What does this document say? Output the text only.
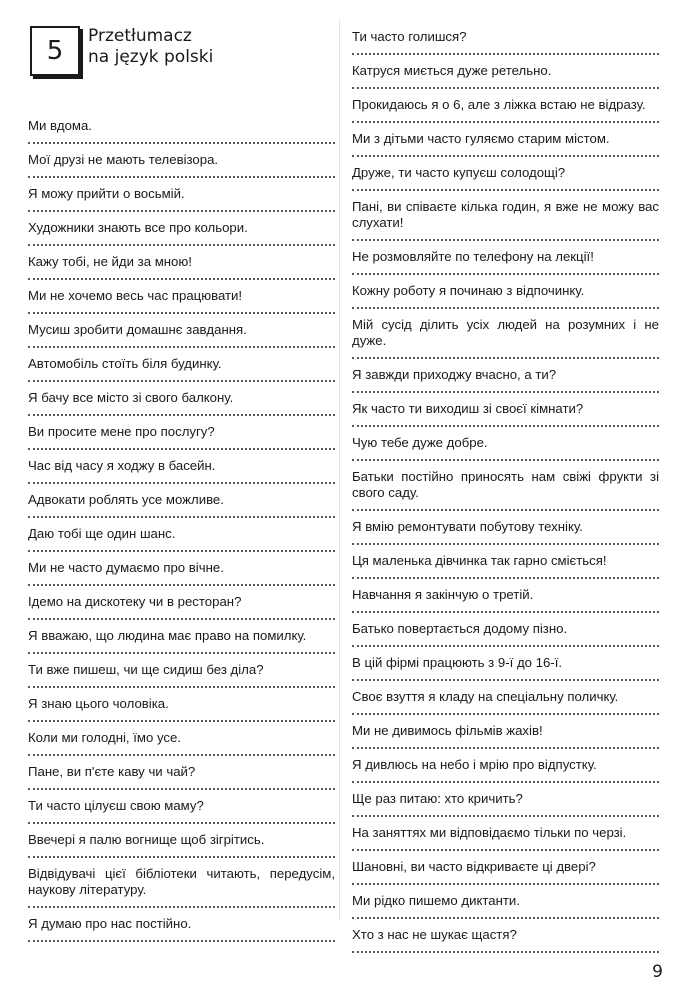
5	Przetłumacz
na język polski
Ми вдома.
Мої друзі не мають телевізора.
Я можу прийти о восьмій.
Художники знають все про кольори.
Кажу тобі, не йди за мною!
Ми не хочемо весь час працювати!
Мусиш зробити домашнє завдання.
Автомобіль стоїть біля будинку.
Я бачу все місто зі свого балкону.
Ви просите мене про послугу?
Час від часу я ходжу в басейн.
Адвокати роблять усе можливе.
Даю тобі ще один шанс.
Ми не часто думаємо про вічне.
Ідемо на дискотеку чи в ресторан?
Я вважаю, що людина має право на помилку.
Ти вже пишеш, чи ще сидиш без діла?
Я знаю цього чоловіка.
Коли ми голодні, їмо усе.
Пане, ви п'єте каву чи чай?
Ти часто цілуєш свою маму?
Ввечері я палю вогнище щоб зігрітись.
Відвідувачі цієї бібліотеки читають, передусім, наукову літературу.
Я думаю про нас постійно.
Ти часто голишся?
Катруся миється дуже ретельно.
Прокидаюсь я о 6, але з ліжка встаю не відразу.
Ми з дітьми часто гуляємо старим містом.
Друже, ти часто купуєш солодощі?
Пані, ви співаєте кілька годин, я вже не можу вас слухати!
Не розмовляйте по телефону на лекції!
Кожну роботу я починаю з відпочинку.
Мій сусід ділить усіх людей на розумних і не дуже.
Я завжди приходжу вчасно, а ти?
Як часто ти виходиш зі своєї кімнати?
Чую тебе дуже добре.
Батьки постійно приносять нам свіжі фрукти зі свого саду.
Я вмію ремонтувати побутову техніку.
Ця маленька дівчинка так гарно сміється!
Навчання я закінчую о третій.
Батько повертається додому пізно.
В цій фірмі працюють з 9-ї до 16-ї.
Своє взуття я кладу на спеціальну поличку.
Ми не дивимось фільмів жахів!
Я дивлюсь на небо і мрію про відпустку.
Ще раз питаю: хто кричить?
На заняттях ми відповідаємо тільки по черзі.
Шановні, ви часто відкриваєте ці двері?
Ми рідко пишемо диктанти.
Хто з нас не шукає щастя?
9
